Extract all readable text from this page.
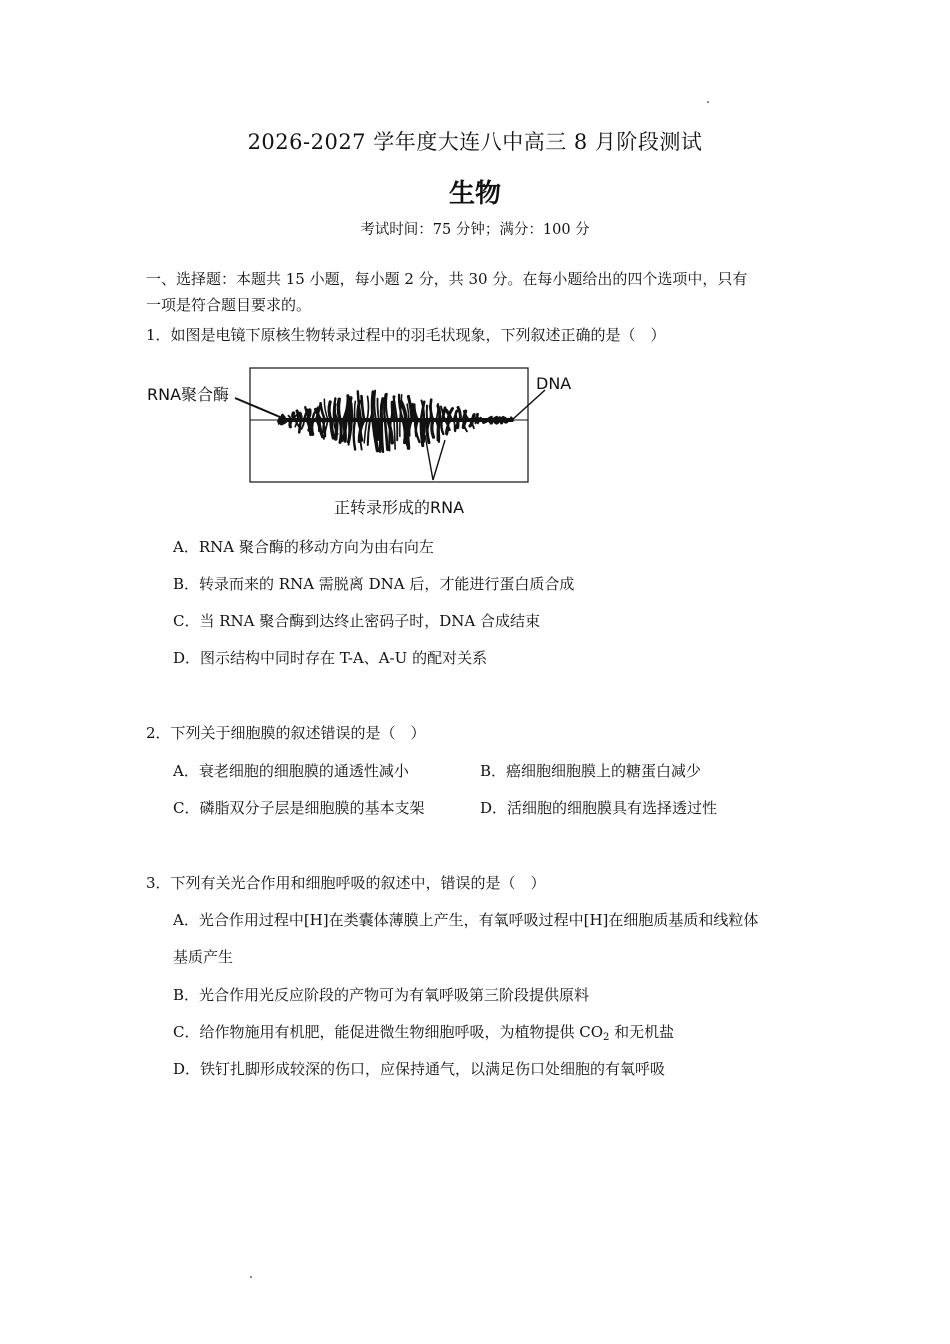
2026-2027 学年度大连八中高三 8 月阶段测试
生物
考试时间：75 分钟；满分：100 分
一、选择题：本题共 15 小题，每小题 2 分，共 30 分。在每小题给出的四个选项中，只有
一项是符合题目要求的。
1．如图是电镜下原核生物转录过程中的羽毛状现象，下列叙述正确的是（　）
RNA聚合酶
DNA
正转录形成的RNA
A．RNA 聚合酶的移动方向为由右向左
B．转录而来的 RNA 需脱离 DNA 后，才能进行蛋白质合成
C．当 RNA 聚合酶到达终止密码子时，DNA 合成结束
D．图示结构中同时存在 T-A、A-U 的配对关系
2．下列关于细胞膜的叙述错误的是（　）
A．衰老细胞的细胞膜的通透性减小	B．癌细胞细胞膜上的糖蛋白减少
C．磷脂双分子层是细胞膜的基本支架	D．活细胞的细胞膜具有选择透过性
3．下列有关光合作用和细胞呼吸的叙述中，错误的是（　）
A．光合作用过程中[H]在类囊体薄膜上产生，有氧呼吸过程中[H]在细胞质基质和线粒体
基质产生
B．光合作用光反应阶段的产物可为有氧呼吸第三阶段提供原料
C．给作物施用有机肥，能促进微生物细胞呼吸，为植物提供 $CO_2$ 和无机盐
D．铁钉扎脚形成较深的伤口，应保持通气，以满足伤口处细胞的有氧呼吸
